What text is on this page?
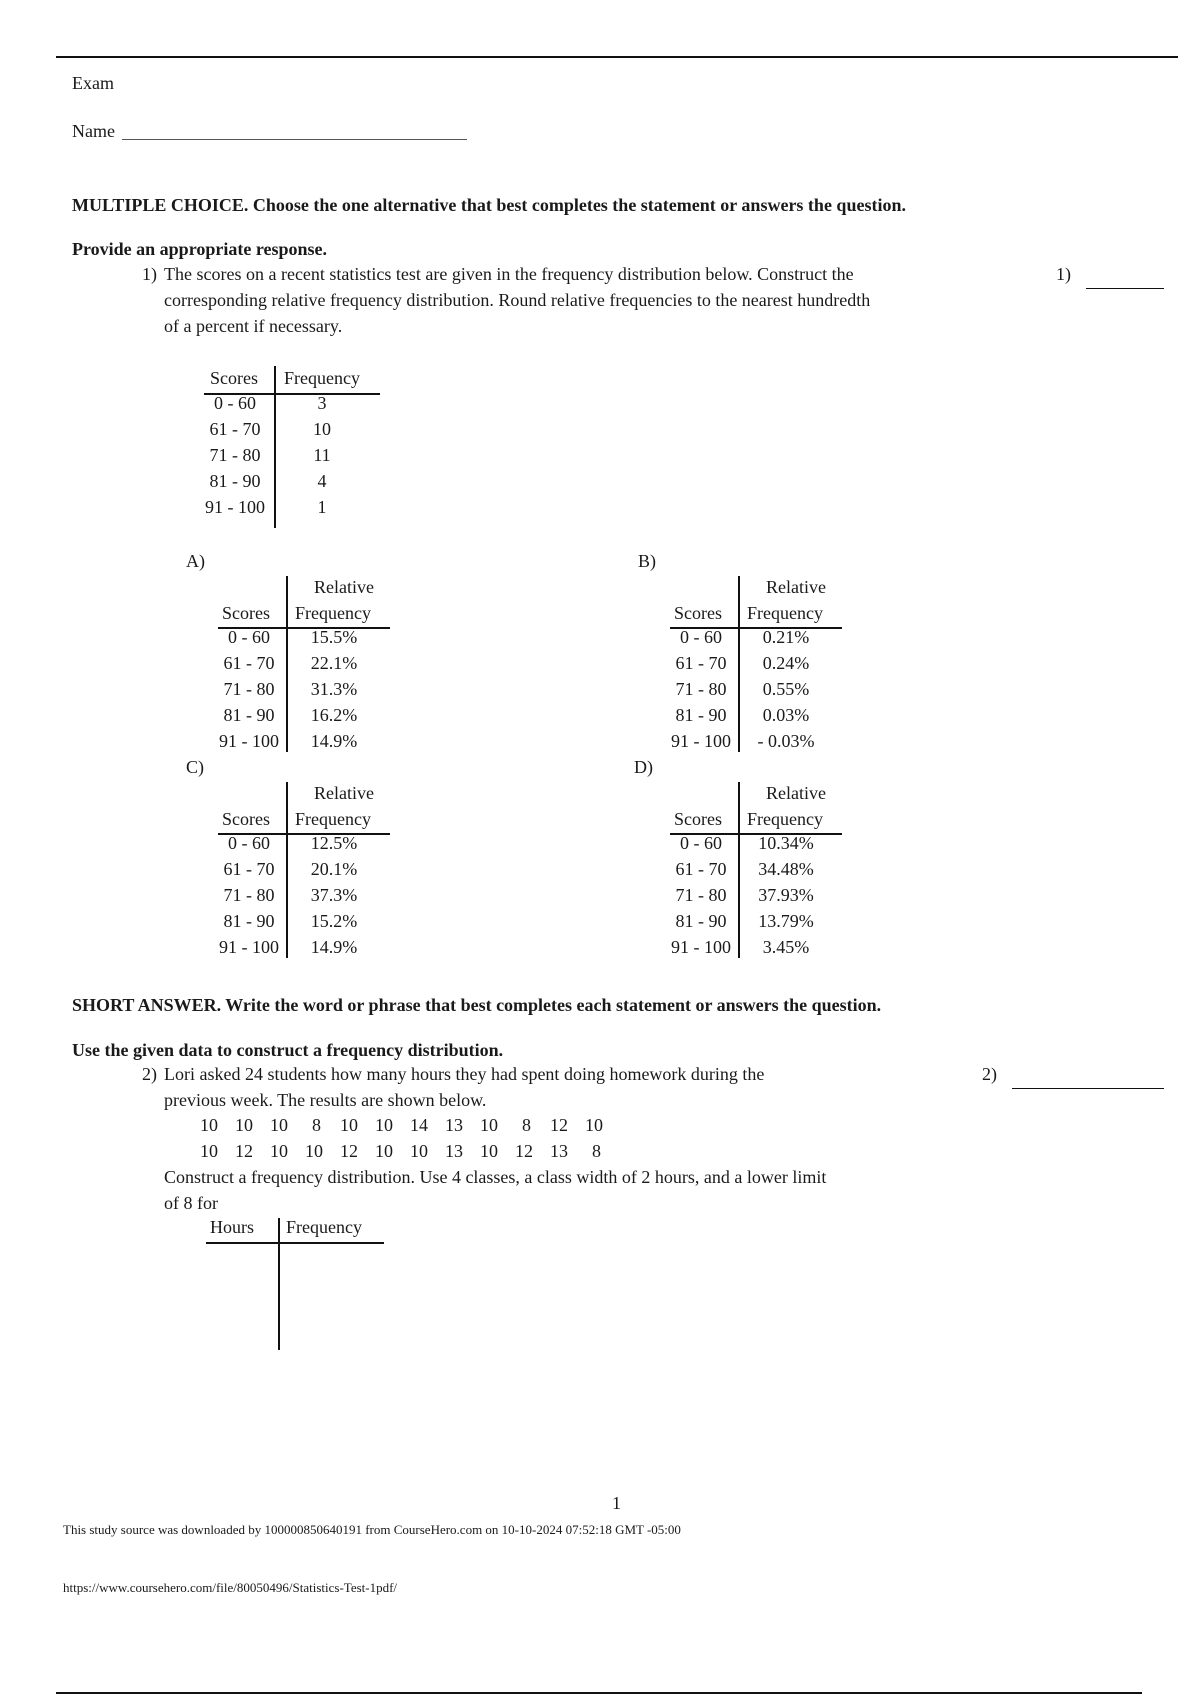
Exam
Name
MULTIPLE CHOICE. Choose the one alternative that best completes the statement or answers the question.
Provide an appropriate response.
1) The scores on a recent statistics test are given in the frequency distribution below. Construct the
corresponding relative frequency distribution. Round relative frequencies to the nearest hundredth
of a percent if necessary.
1)
Scores Frequency
0 - 60	3
61 - 70	10
71 - 80	11
81 - 90	4
91 - 100	1
A)
Relative
Scores Frequency
0 - 60	15.5%
61 - 70	22.1%
71 - 80	31.3%
81 - 90	16.2%
91 - 100	14.9%
B)
Relative
Scores Frequency
0 - 60	0.21%
61 - 70	0.24%
71 - 80	0.55%
81 - 90	0.03%
91 - 100	- 0.03%
C)
Relative
Scores Frequency
0 - 60	12.5%
61 - 70	20.1%
71 - 80	37.3%
81 - 90	15.2%
91 - 100	14.9%
D)
Relative
Scores Frequency
0 - 60	10.34%
61 - 70	34.48%
71 - 80	37.93%
81 - 90	13.79%
91 - 100	3.45%
SHORT ANSWER. Write the word or phrase that best completes each statement or answers the question.
Use the given data to construct a frequency distribution.
2) Lori asked 24 students how many hours they had spent doing homework during the
previous week. The results are shown below.
2)
10 10 10 8 10 10 14 13 10 8 12 10
10 12 10 10 12 10 10 13 10 12 13 8
Construct a frequency distribution. Use 4 classes, a class width of 2 hours, and a lower limit
of 8 for
Hours Frequency
1
This study source was downloaded by 100000850640191 from CourseHero.com on 10-10-2024 07:52:18 GMT -05:00
https://www.coursehero.com/file/80050496/Statistics-Test-1pdf/
